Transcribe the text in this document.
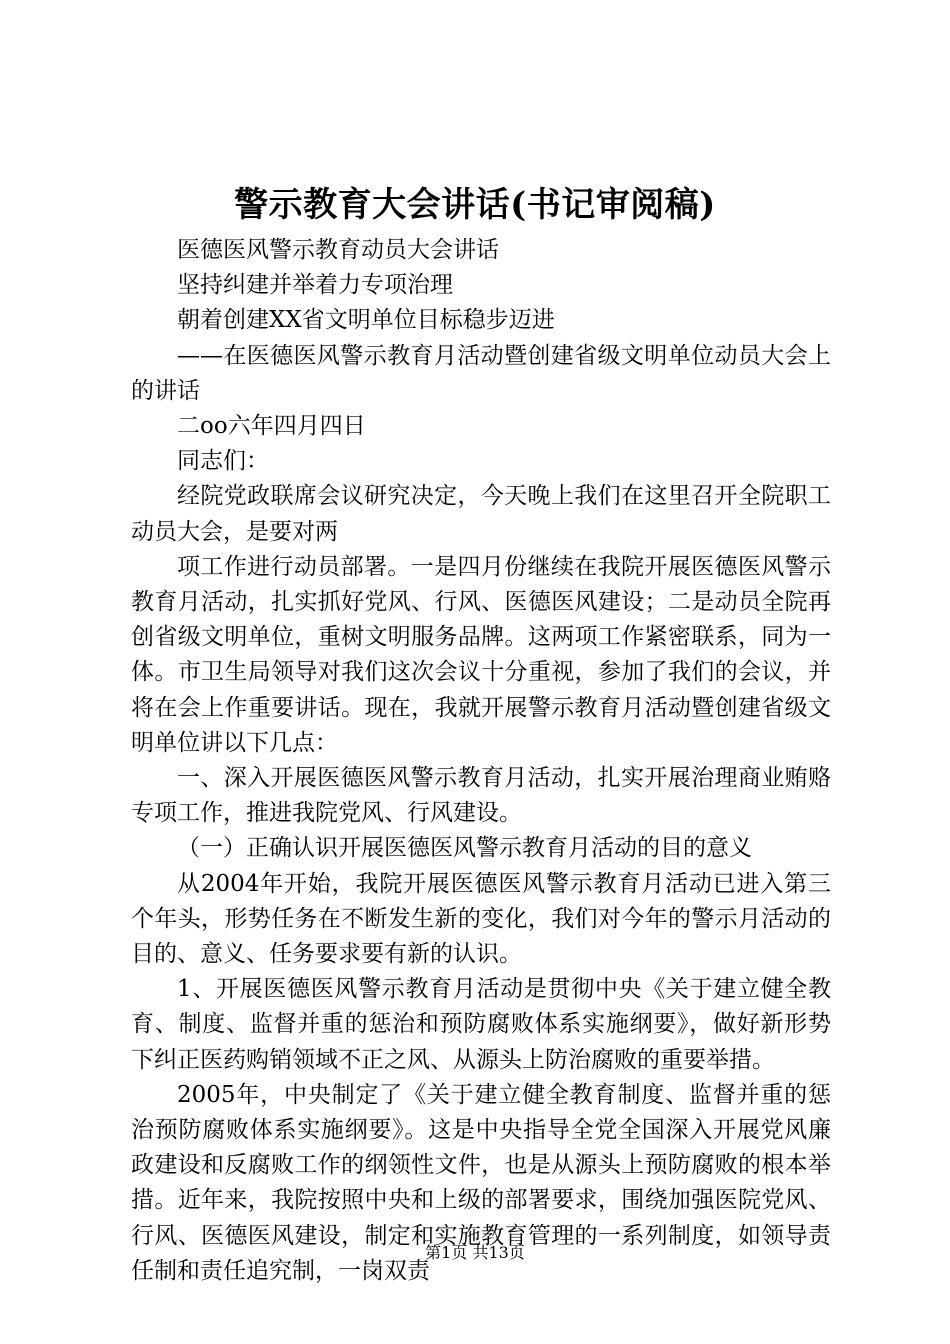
警示教育大会讲话(书记审阅稿)

医德医风警示教育动员大会讲话

坚持纠建并举着力专项治理

朝着创建XX省文明单位目标稳步迈进

——在医德医风警示教育月活动暨创建省级文明单位动员大会上的讲话

二oo六年四月四日

同志们：

经院党政联席会议研究决定，今天晚上我们在这里召开全院职工动员大会，是要对两

项工作进行动员部署。一是四月份继续在我院开展医德医风警示教育月活动，扎实抓好党风、行风、医德医风建设；二是动员全院再创省级文明单位，重树文明服务品牌。这两项工作紧密联系，同为一体。市卫生局领导对我们这次会议十分重视，参加了我们的会议，并将在会上作重要讲话。现在，我就开展警示教育月活动暨创建省级文明单位讲以下几点：

一、深入开展医德医风警示教育月活动，扎实开展治理商业贿赂专项工作，推进我院党风、行风建设。

（一）正确认识开展医德医风警示教育月活动的目的意义

从2004年开始，我院开展医德医风警示教育月活动已进入第三个年头，形势任务在不断发生新的变化，我们对今年的警示月活动的目的、意义、任务要求要有新的认识。

1、开展医德医风警示教育月活动是贯彻中央《关于建立健全教育、制度、监督并重的惩治和预防腐败体系实施纲要》，做好新形势下纠正医药购销领域不正之风、从源头上防治腐败的重要举措。

2005年，中央制定了《关于建立健全教育制度、监督并重的惩治预防腐败体系实施纲要》。这是中央指导全党全国深入开展党风廉政建设和反腐败工作的纲领性文件，也是从源头上预防腐败的根本举措。近年来，我院按照中央和上级的部署要求，围绕加强医院党风、行风、医德医风建设，制定和实施教育管理的一系列制度，如领导责任制和责任追究制，一岗双责

第1页 共13页
